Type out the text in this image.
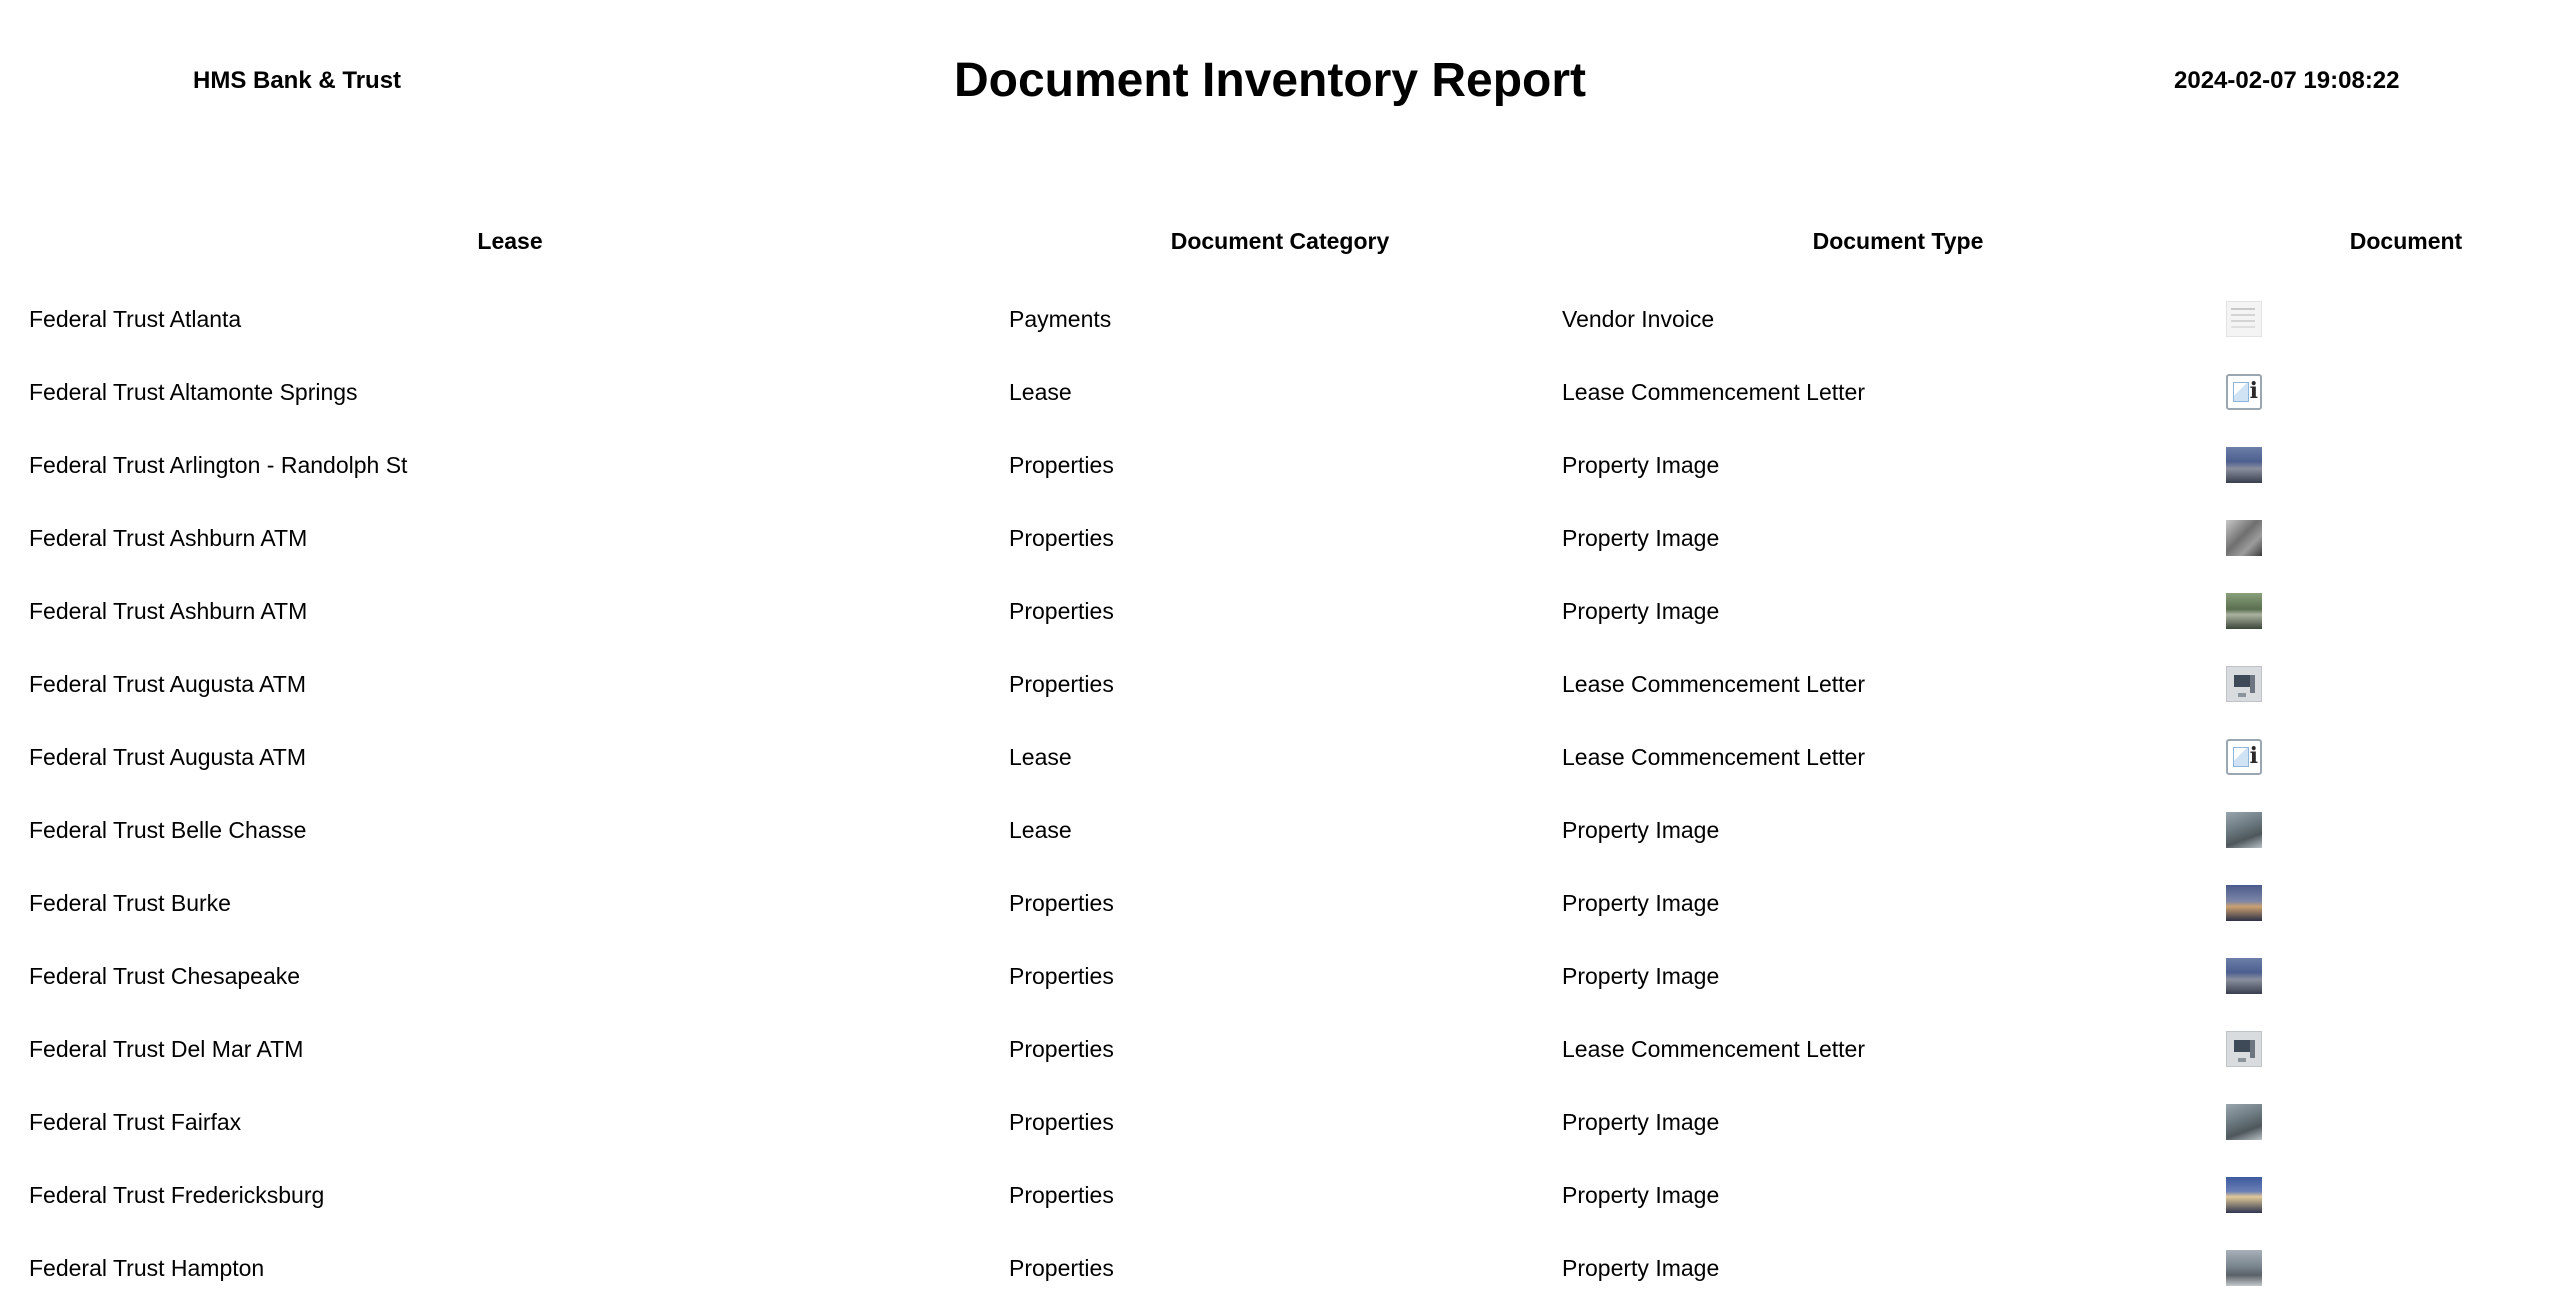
HMS Bank & Trust	Document Inventory Report	2024-02-07 19:08:22
Lease	Document Category	Document Type	Document
Federal Trust Atlanta	Payments	Vendor Invoice
Federal Trust Altamonte Springs	Lease	Lease Commencement Letter
i
Federal Trust Arlington - Randolph St	Properties	Property Image
Federal Trust Ashburn ATM	Properties	Property Image
Federal Trust Ashburn ATM	Properties	Property Image
Federal Trust Augusta ATM	Properties	Lease Commencement Letter
Federal Trust Augusta ATM	Lease	Lease Commencement Letter
i
Federal Trust Belle Chasse	Lease	Property Image
Federal Trust Burke	Properties	Property Image
Federal Trust Chesapeake	Properties	Property Image
Federal Trust Del Mar ATM	Properties	Lease Commencement Letter
Federal Trust Fairfax	Properties	Property Image
Federal Trust Fredericksburg	Properties	Property Image
Federal Trust Hampton	Properties	Property Image
